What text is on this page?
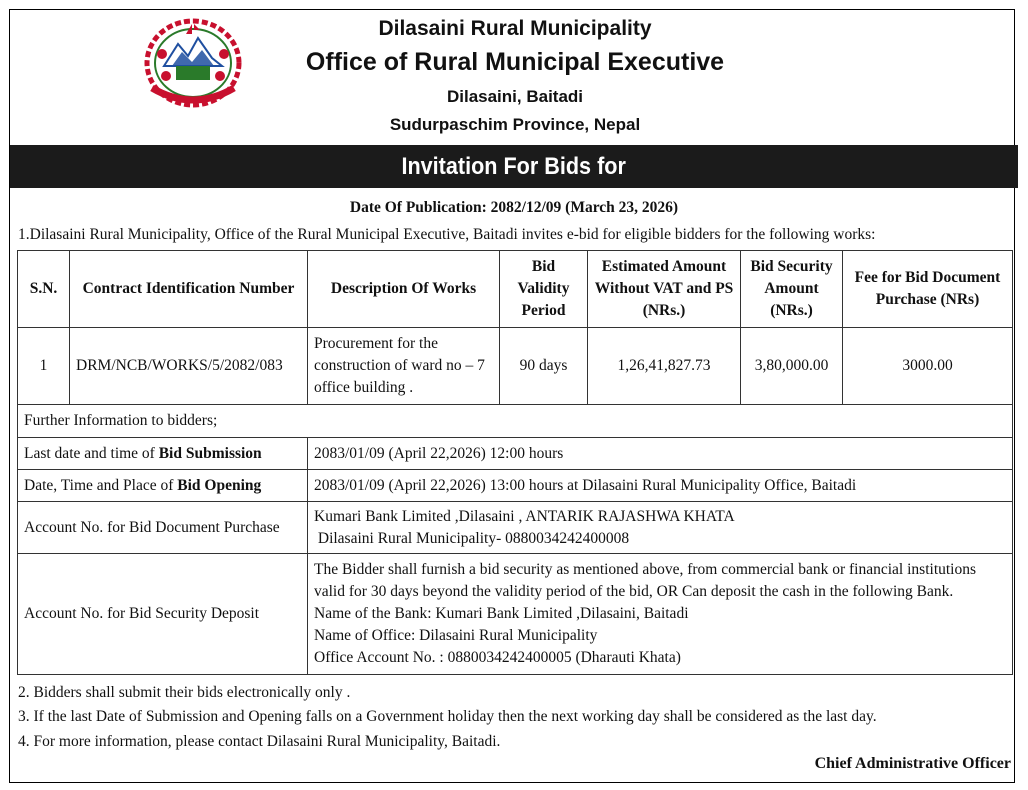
Dilasaini Rural Municipality
Office of Rural Municipal Executive
Dilasaini, Baitadi
Sudurpaschim Province, Nepal
Invitation For Bids for
Date Of Publication: 2082/12/09 (March 23, 2026)
1.Dilasaini Rural Municipality, Office of the Rural Municipal Executive, Baitadi invites e-bid for eligible bidders for the following works:
S.N.	Contract Identification Number	Description Of Works	Bid Validity Period	Estimated Amount Without VAT and PS (NRs.)	Bid Security Amount (NRs.)	Fee for Bid Document Purchase (NRs)
1	DRM/NCB/WORKS/5/2082/083	Procurement for the construction of ward no – 7 office building .	90 days	1,26,41,827.73	3,80,000.00	3000.00
Further Information to bidders;						
Last date and time of Bid Submission		2083/01/09 (April 22,2026) 12:00 hours				
Date, Time and Place of Bid Opening		2083/01/09 (April 22,2026) 13:00 hours at Dilasaini Rural Municipality Office, Baitadi				
Account No. for Bid Document Purchase		Kumari Bank Limited ,Dilasaini , ANTARIK RAJASHWA KHATA
Dilasaini Rural Municipality- 0880034242400008				

Account No. for Bid Security Deposit		The Bidder shall furnish a bid security as mentioned above, from commercial bank or financial institutions
valid for 30 days beyond the validity period of the bid, OR Can deposit the cash in the following Bank.
Name of the Bank: Kumari Bank Limited ,Dilasaini, Baitadi
Name of Office: Dilasaini Rural Municipality
Office Account No. : 0880034242400005 (Dharauti Khata)				
2. Bidders shall submit their bids electronically only .
3. If the last Date of Submission and Opening falls on a Government holiday then the next working day shall be considered as the last day.
4. For more information, please contact Dilasaini Rural Municipality, Baitadi.
Chief Administrative Officer
